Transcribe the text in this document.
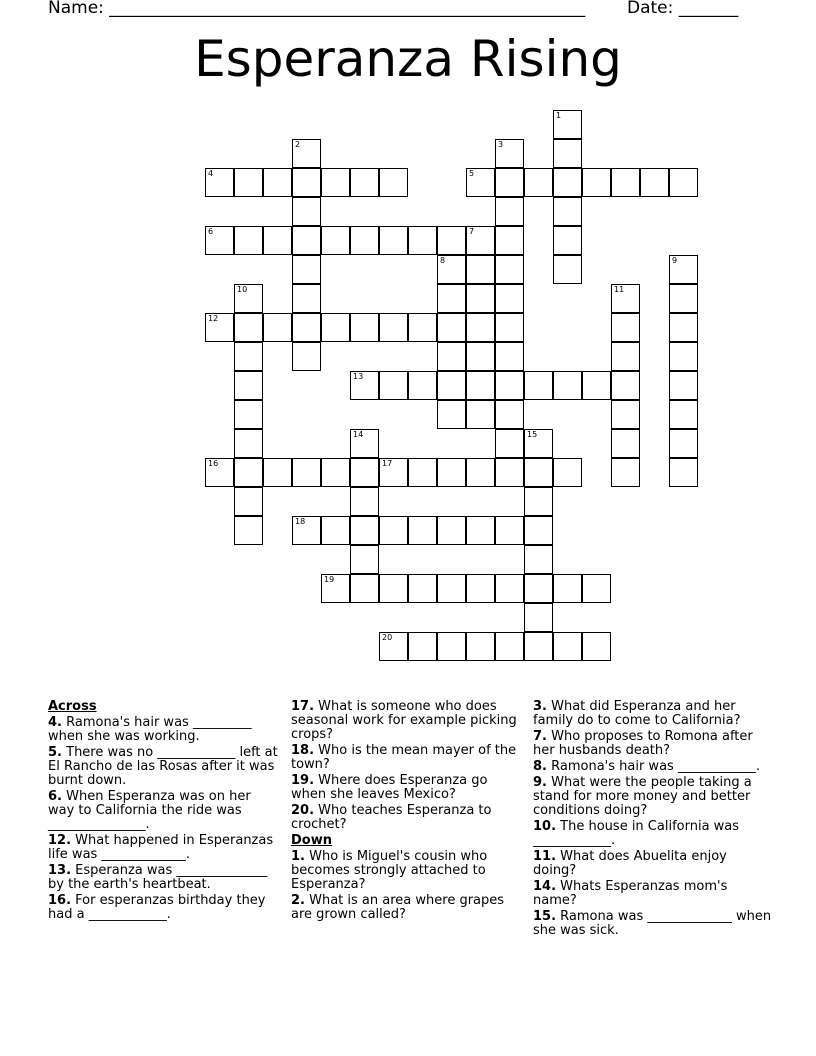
Name: ________________________________________________________ Date: _______
Esperanza Rising
1
2	3
4	5
6	7
8	9
10	11
12
13
14	15
16	17
18
19
20
Across
4. Ramona's hair was _________ when she was working.
5. There was no ____________ left at El Rancho de las Rosas after it was burnt down.
6. When Esperanza was on her way to California the ride was _______________.
12. What happened in Esperanzas life was _____________.
13. Esperanza was ______________ by the earth's heartbeat.
16. For esperanzas birthday they had a ____________.
17. What is someone who does seasonal work for example picking crops?
18. Who is the mean mayer of the town?
19. Where does Esperanza go when she leaves Mexico?
20. Who teaches Esperanza to crochet?
Down
1. Who is Miguel's cousin who becomes strongly attached to Esperanza?
2. What is an area where grapes are grown called?
3. What did Esperanza and her family do to come to California?
7. Who proposes to Romona after her husbands death?
8. Ramona's hair was ____________.
9. What were the people taking a stand for more money and better conditions doing?
10. The house in California was ____________.
11. What does Abuelita enjoy doing?
14. Whats Esperanzas mom's name?
15. Ramona was _____________ when she was sick.
